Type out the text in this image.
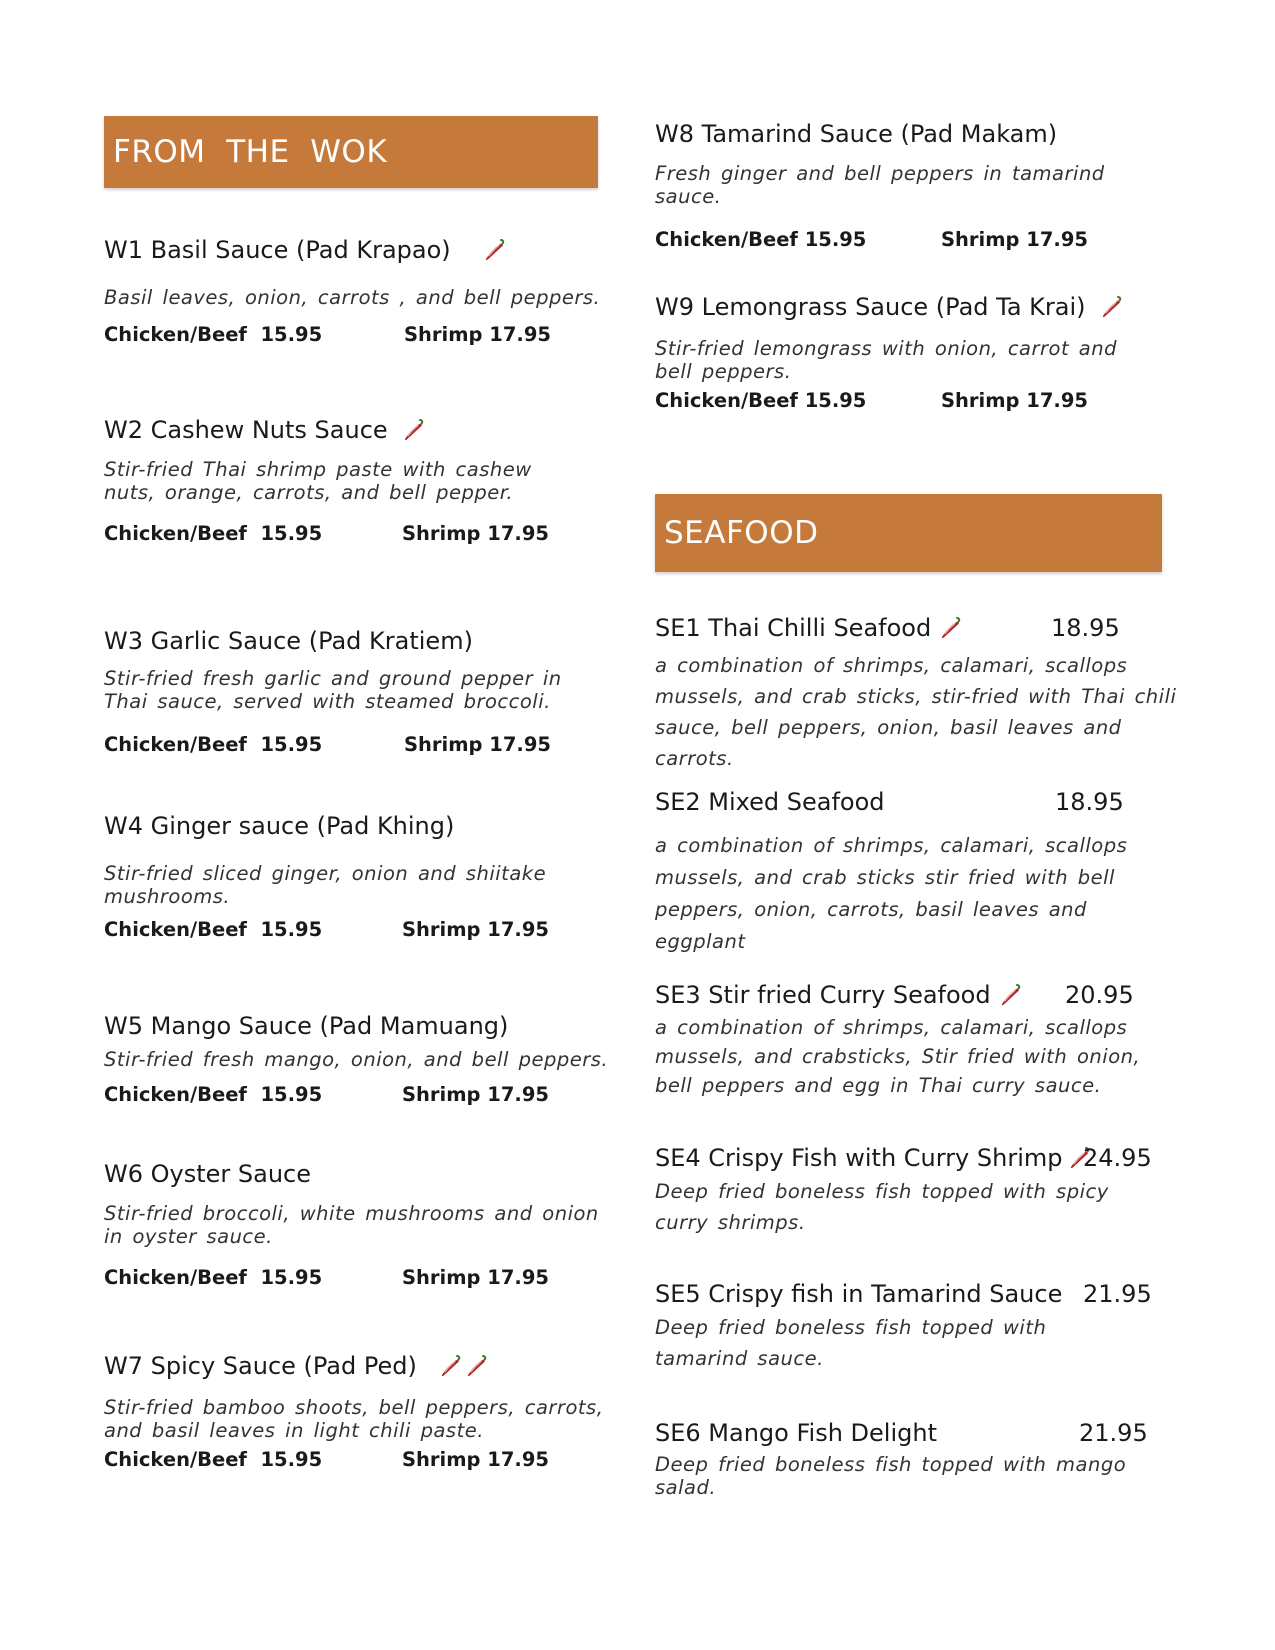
FROM  THE  WOK
W1 Basil Sauce (Pad Krapao)
Basil leaves, onion, carrots , and bell peppers.
Chicken/Beef  15.95	Shrimp 17.95
W2 Cashew Nuts Sauce
Stir-fried Thai shrimp paste with cashew nuts, orange, carrots, and bell pepper.
Chicken/Beef  15.95	Shrimp 17.95
W3 Garlic Sauce (Pad Kratiem)
Stir-fried fresh garlic and ground pepper in Thai sauce, served with steamed broccoli.
Chicken/Beef  15.95	Shrimp 17.95
W4 Ginger sauce (Pad Khing)
Stir-fried sliced ginger, onion and shiitake mushrooms.
Chicken/Beef  15.95	Shrimp 17.95
W5 Mango Sauce (Pad Mamuang)
Stir-fried fresh mango, onion, and bell peppers.
Chicken/Beef  15.95	Shrimp 17.95
W6 Oyster Sauce
Stir-fried broccoli, white mushrooms and onion in oyster sauce.
Chicken/Beef  15.95	Shrimp 17.95
W7 Spicy Sauce (Pad Ped)
Stir-fried bamboo shoots, bell peppers, carrots, and basil leaves in light chili paste.
Chicken/Beef  15.95	Shrimp 17.95
W8 Tamarind Sauce (Pad Makam)
Fresh ginger and bell peppers in tamarind sauce.
Chicken/Beef 15.95	Shrimp 17.95
W9 Lemongrass Sauce (Pad Ta Krai)
Stir-fried lemongrass with onion, carrot and bell peppers.
Chicken/Beef 15.95	Shrimp 17.95
SEAFOOD
SE1 Thai Chilli Seafood	18.95
a combination of shrimps, calamari, scallops mussels, and crab sticks, stir-fried with Thai chili sauce, bell peppers, onion, basil leaves and carrots.
SE2 Mixed Seafood	18.95
a combination of shrimps, calamari, scallops mussels, and crab sticks stir fried with bell peppers, onion, carrots, basil leaves and eggplant
SE3 Stir fried Curry Seafood	20.95
a combination of shrimps, calamari, scallops mussels, and crabsticks, Stir fried with onion, bell peppers and egg in Thai curry sauce.
SE4 Crispy Fish with Curry Shrimp 24.95
Deep fried boneless fish topped with spicy curry shrimps.
SE5 Crispy fish in Tamarind Sauce 21.95
Deep fried boneless fish topped with tamarind sauce.
SE6 Mango Fish Delight	21.95
Deep fried boneless fish topped with mango salad.
